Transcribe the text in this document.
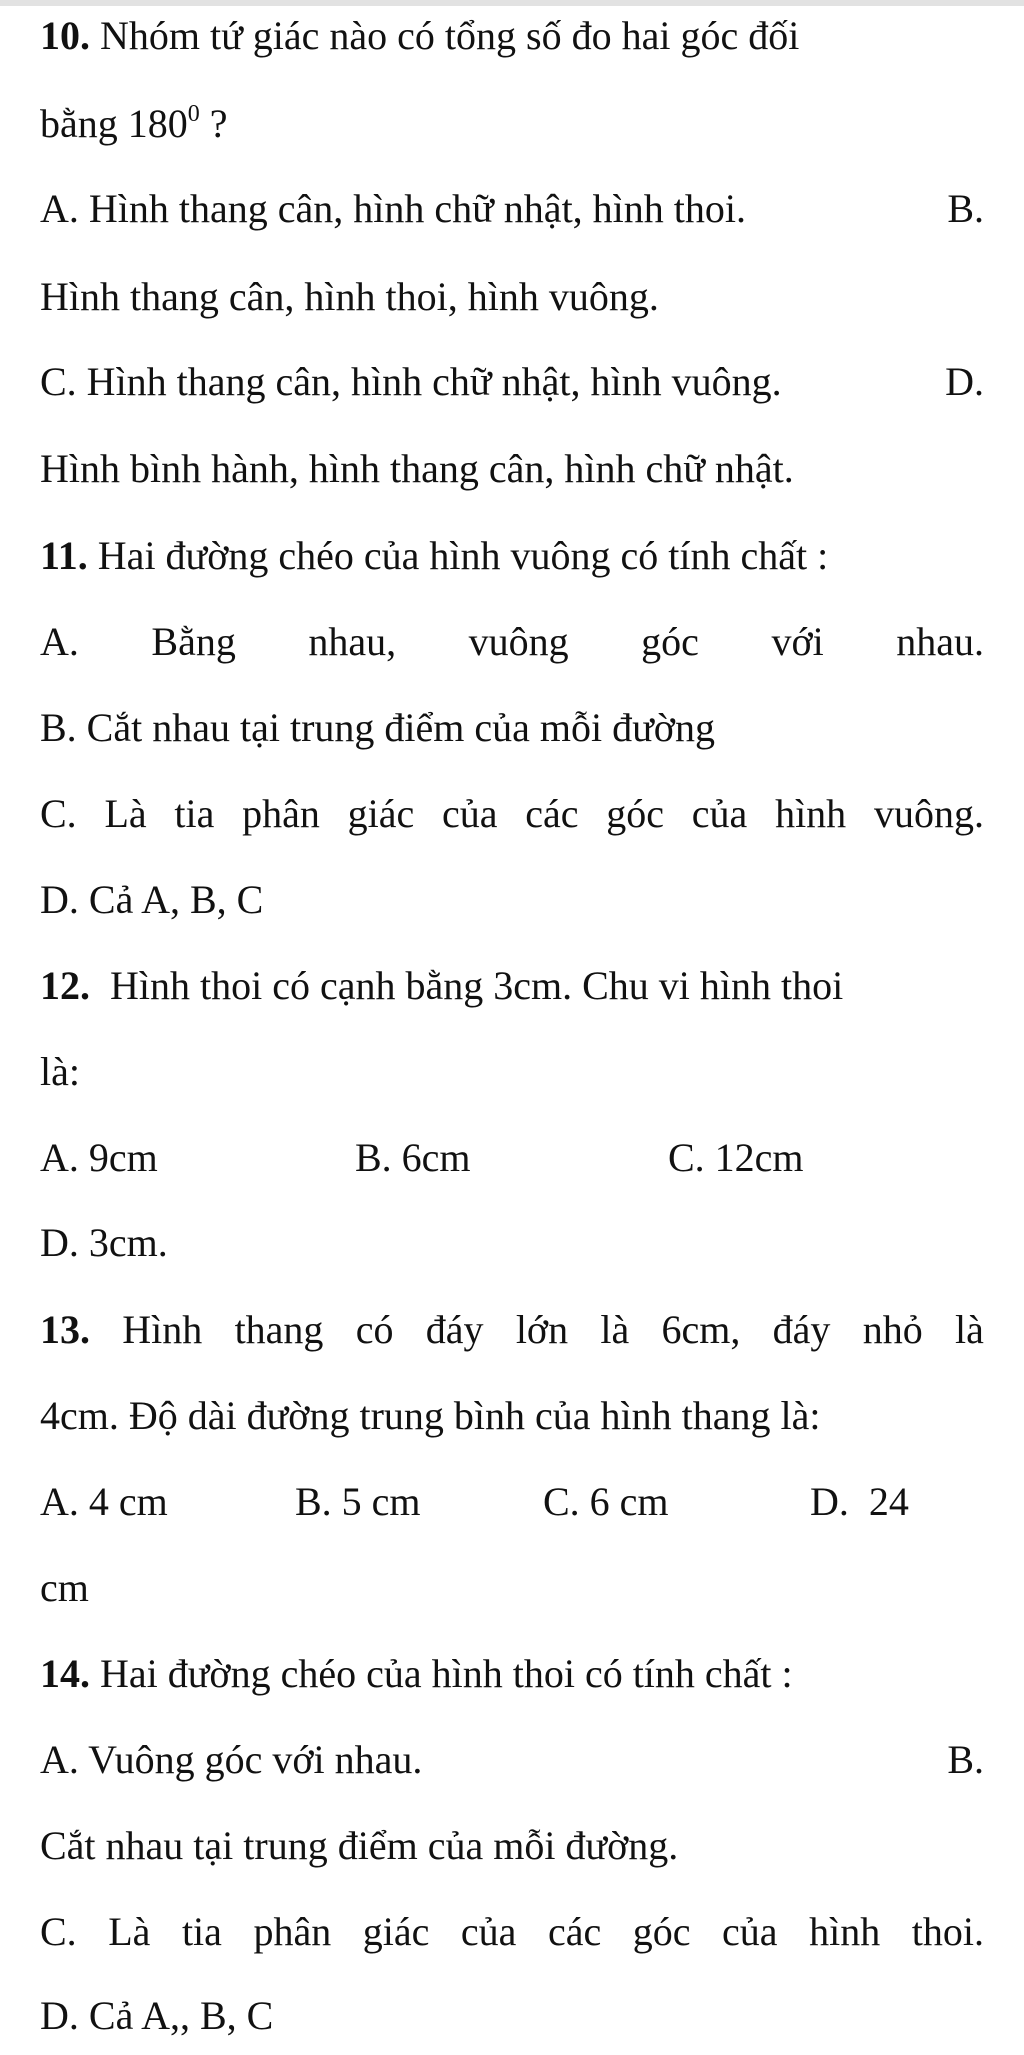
10. Nhóm tứ giác nào có tổng số đo hai góc đối
bằng $180^0$ ?
A. Hình thang cân, hình chữ nhật, hình thoi.	B.
Hình thang cân, hình thoi, hình vuông.
C. Hình thang cân, hình chữ nhật, hình vuông.	D.
Hình bình hành, hình thang cân, hình chữ nhật.
11. Hai đường chéo của hình vuông có tính chất :
A. Bằng nhau, vuông góc với nhau.
B. Cắt nhau tại trung điểm của mỗi đường
C. Là tia phân giác của các góc của hình vuông.
D. Cả A, B, C
12.  Hình thoi có cạnh bằng 3cm. Chu vi hình thoi
là:
A. 9cm	B. 6cm	C. 12cm
D. 3cm.
13. Hình thang có đáy lớn là 6cm, đáy nhỏ là
4cm. Độ dài đường trung bình của hình thang là:
A. 4 cm	B. 5 cm	C. 6 cm	D.  24
cm
14. Hai đường chéo của hình thoi có tính chất :
A. Vuông góc với nhau.	B.
Cắt nhau tại trung điểm của mỗi đường.
C. Là tia phân giác của các góc của hình thoi.
D. Cả A,, B, C
